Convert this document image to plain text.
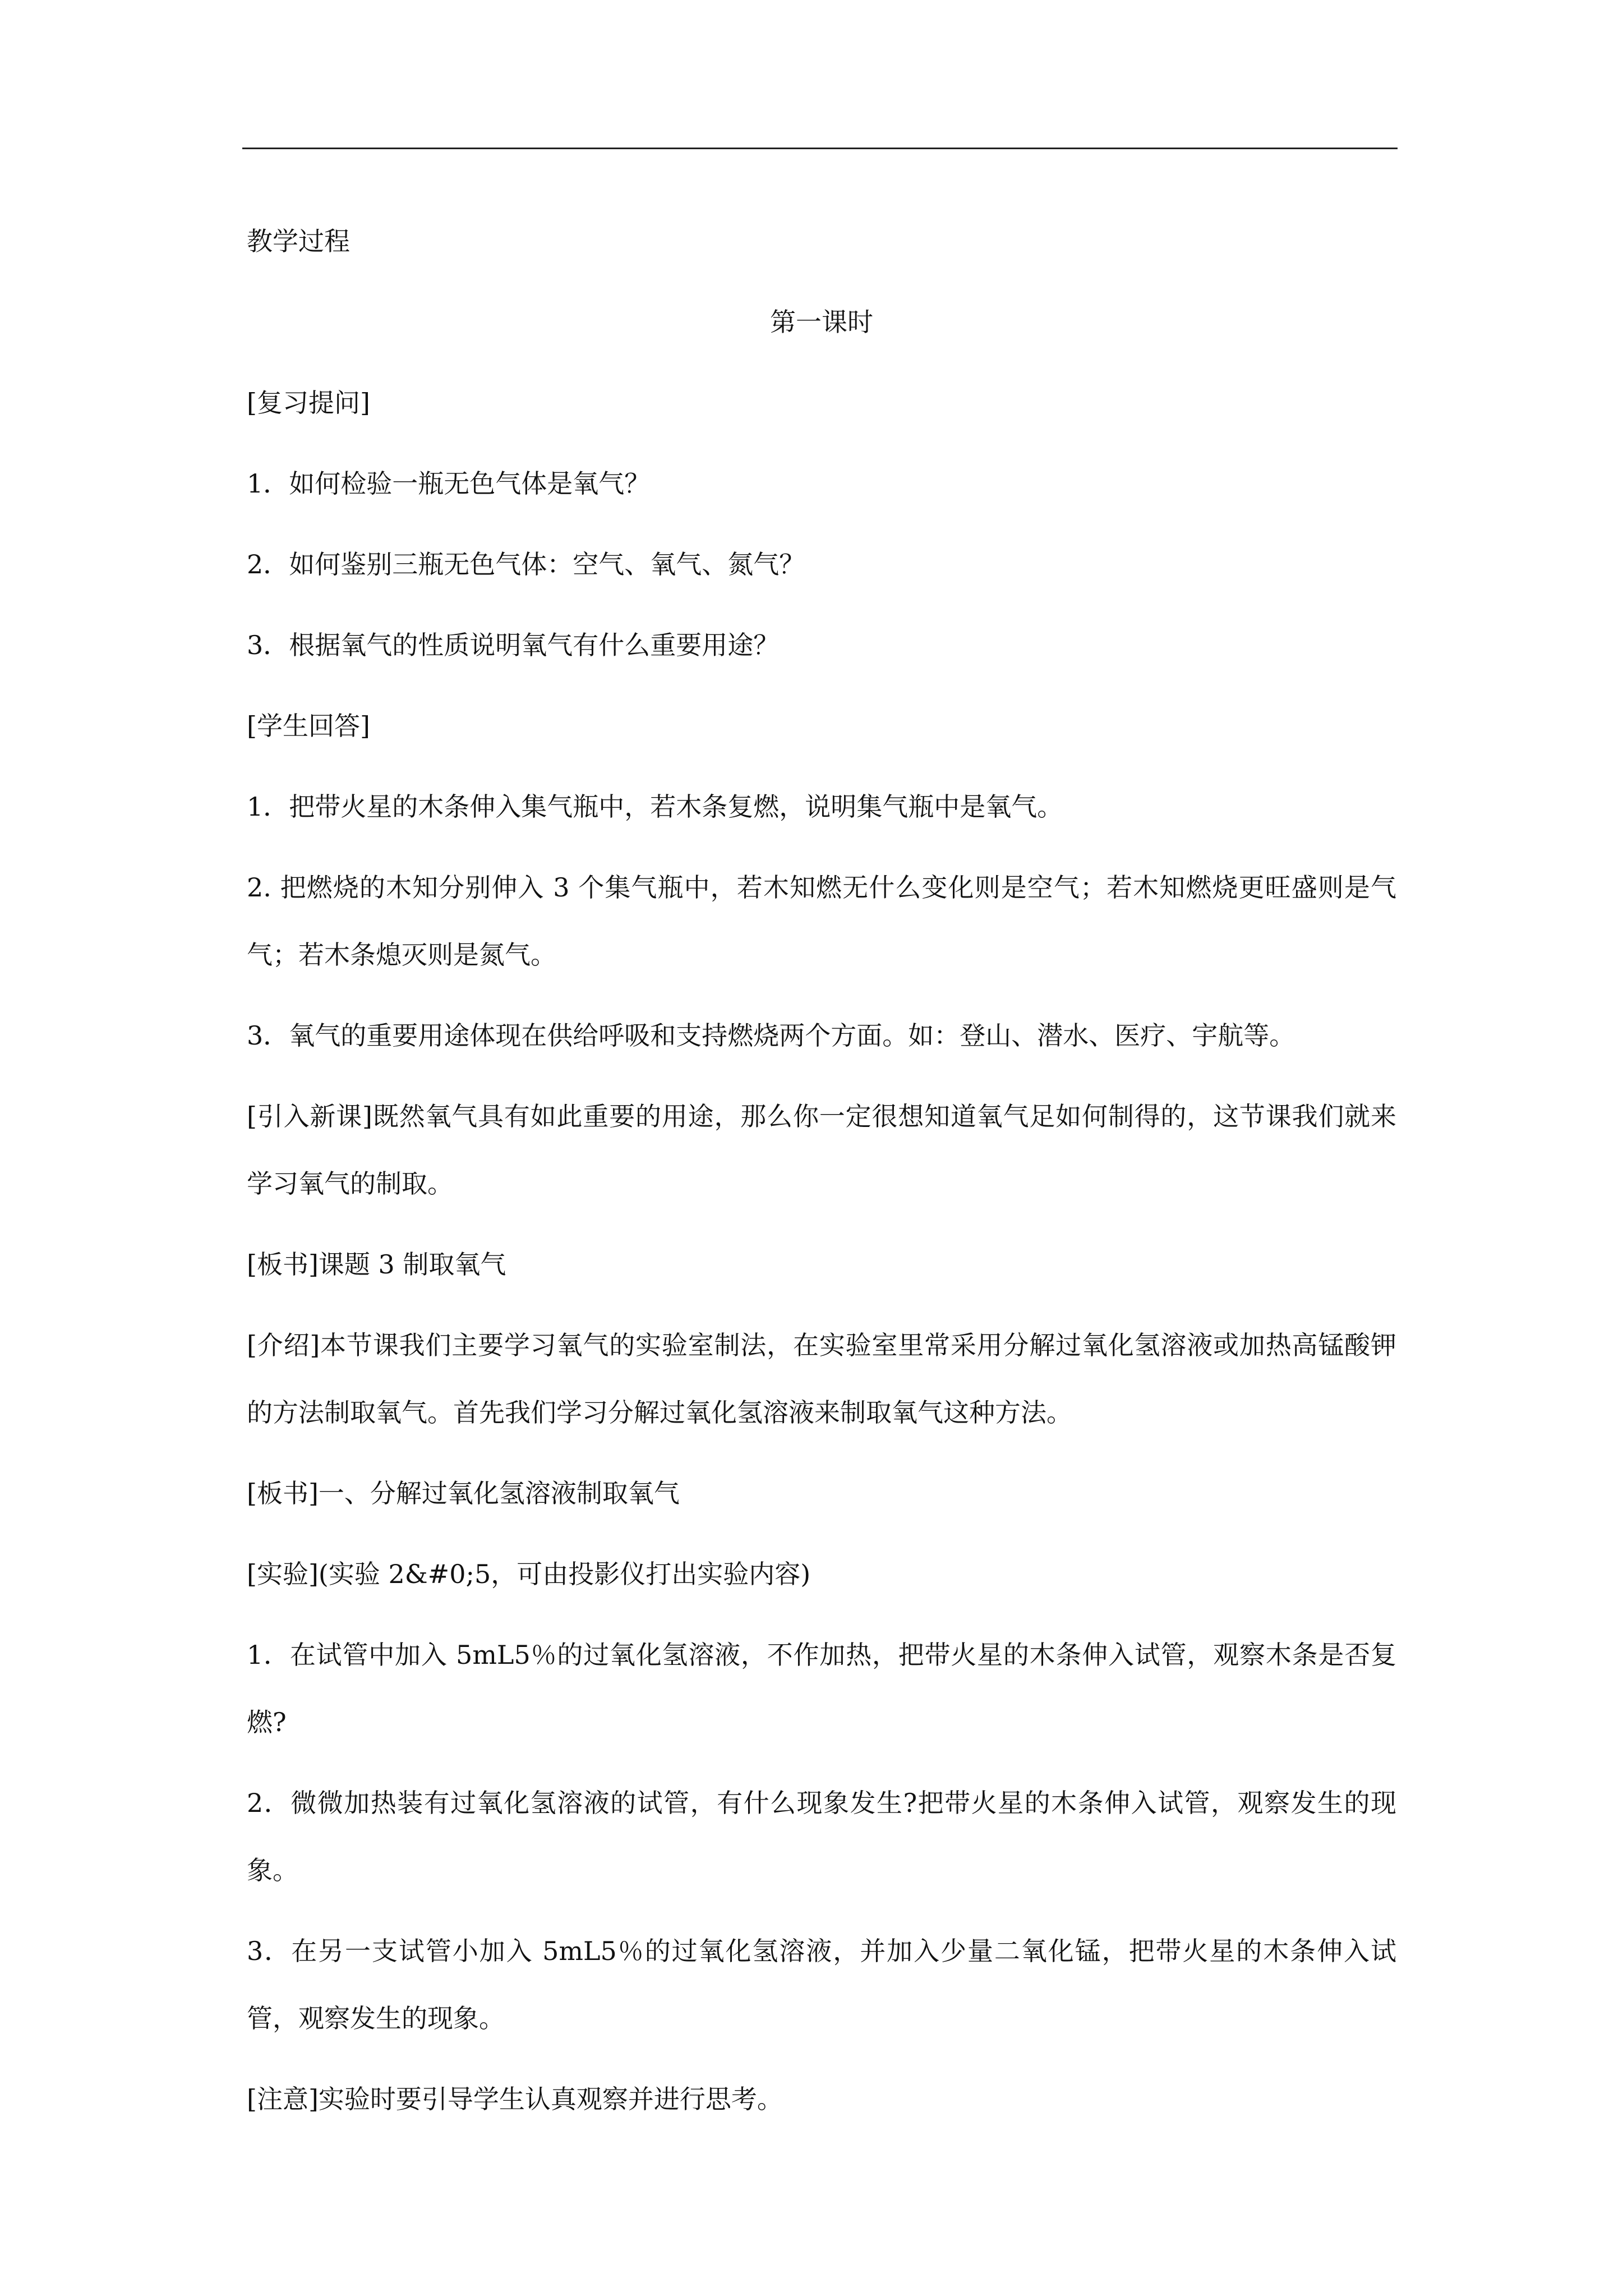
教学过程

第一课时

[复习提问]

1．如何检验一瓶无色气体是氧气？

2．如何鉴别三瓶无色气体：空气、氧气、氮气？

3．根据氧气的性质说明氧气有什么重要用途？

[学生回答]

1．把带火星的木条伸入集气瓶中，若木条复燃，说明集气瓶中是氧气。

2. 把燃烧的木知分别伸入 3 个集气瓶中，若木知燃无什么变化则是空气；若木知燃烧更旺盛则是气气；若木条熄灭则是氮气。

3．氧气的重要用途体现在供给呼吸和支持燃烧两个方面。如：登山、潜水、医疗、宇航等。

[引入新课]既然氧气具有如此重要的用途，那么你一定很想知道氧气足如何制得的，这节课我们就来学习氧气的制取。

[板书]课题 3 制取氧气

[介绍]本节课我们主要学习氧气的实验室制法，在实验室里常采用分解过氧化氢溶液或加热高锰酸钾的方法制取氧气。首先我们学习分解过氧化氢溶液来制取氧气这种方法。

[板书]一、分解过氧化氢溶液制取氧气

[实验](实验 2&#0;5，可由投影仪打出实验内容)

1．在试管中加入 5mL5％的过氧化氢溶液，不作加热，把带火星的木条伸入试管，观察木条是否复燃?

2．微微加热装有过氧化氢溶液的试管，有什么现象发生?把带火星的木条伸入试管，观察发生的现象。

3．在另一支试管小加入 5mL5％的过氧化氢溶液，并加入少量二氧化锰，把带火星的木条伸入试管，观察发生的现象。

[注意]实验时要引导学生认真观察并进行思考。
